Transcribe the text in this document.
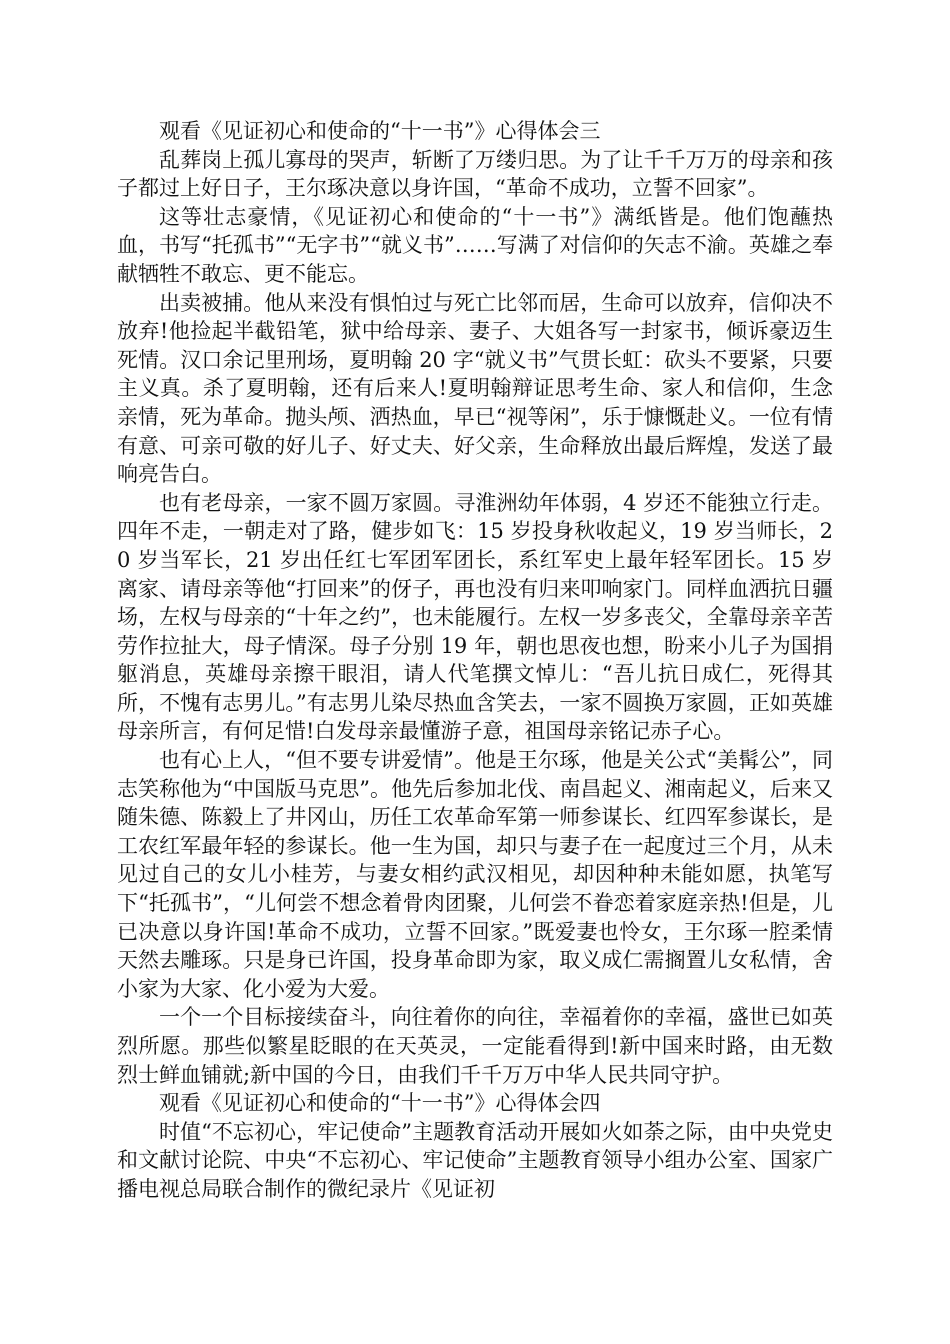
观看《见证初心和使命的“十一书”》心得体会三

乱葬岗上孤儿寡母的哭声，斩断了万缕归思。为了让千千万万的母亲和孩子都过上好日子，王尔琢决意以身许国，“革命不成功，立誓不回家”。

这等壮志豪情，《见证初心和使命的“十一书”》满纸皆是。他们饱蘸热血，书写“托孤书”“无字书”“就义书”……写满了对信仰的矢志不渝。英雄之奉献牺牲不敢忘、更不能忘。

出卖被捕。他从来没有惧怕过与死亡比邻而居，生命可以放弃，信仰决不放弃!他捡起半截铅笔，狱中给母亲、妻子、大姐各写一封家书，倾诉豪迈生死情。汉口余记里刑场，夏明翰 20 字“就义书”气贯长虹：砍头不要紧，只要主义真。杀了夏明翰，还有后来人!夏明翰辩证思考生命、家人和信仰，生念亲情，死为革命。抛头颅、洒热血，早已“视等闲”，乐于慷慨赴义。一位有情有意、可亲可敬的好儿子、好丈夫、好父亲，生命释放出最后辉煌，发送了最响亮告白。

也有老母亲，一家不圆万家圆。寻淮洲幼年体弱，4 岁还不能独立行走。四年不走，一朝走对了路，健步如飞：15 岁投身秋收起义，19 岁当师长，20 岁当军长，21 岁出任红七军团军团长，系红军史上最年轻军团长。15 岁离家、请母亲等他“打回来”的伢子，再也没有归来叩响家门。同样血洒抗日疆场，左权与母亲的“十年之约”，也未能履行。左权一岁多丧父，全靠母亲辛苦劳作拉扯大，母子情深。母子分别 19 年，朝也思夜也想，盼来小儿子为国捐躯消息，英雄母亲擦干眼泪，请人代笔撰文悼儿：“吾儿抗日成仁，死得其所，不愧有志男儿。”有志男儿染尽热血含笑去，一家不圆换万家圆，正如英雄母亲所言，有何足惜!白发母亲最懂游子意，祖国母亲铭记赤子心。

也有心上人，“但不要专讲爱情”。他是王尔琢，他是关公式“美髯公”，同志笑称他为“中国版马克思”。他先后参加北伐、南昌起义、湘南起义，后来又随朱德、陈毅上了井冈山，历任工农革命军第一师参谋长、红四军参谋长，是工农红军最年轻的参谋长。他一生为国，却只与妻子在一起度过三个月，从未见过自己的女儿小桂芳，与妻女相约武汉相见，却因种种未能如愿，执笔写下“托孤书”，“儿何尝不想念着骨肉团聚，儿何尝不眷恋着家庭亲热!但是，儿已决意以身许国!革命不成功，立誓不回家。”既爱妻也怜女，王尔琢一腔柔情天然去雕琢。只是身已许国，投身革命即为家，取义成仁需搁置儿女私情，舍小家为大家、化小爱为大爱。

一个一个目标接续奋斗，向往着你的向往，幸福着你的幸福，盛世已如英烈所愿。那些似繁星眨眼的在天英灵，一定能看得到!新中国来时路，由无数烈士鲜血铺就;新中国的今日，由我们千千万万中华人民共同守护。

观看《见证初心和使命的“十一书”》心得体会四

时值“不忘初心，牢记使命”主题教育活动开展如火如荼之际，由中央党史和文献讨论院、中央“不忘初心、牢记使命”主题教育领导小组办公室、国家广播电视总局联合制作的微纪录片《见证初
